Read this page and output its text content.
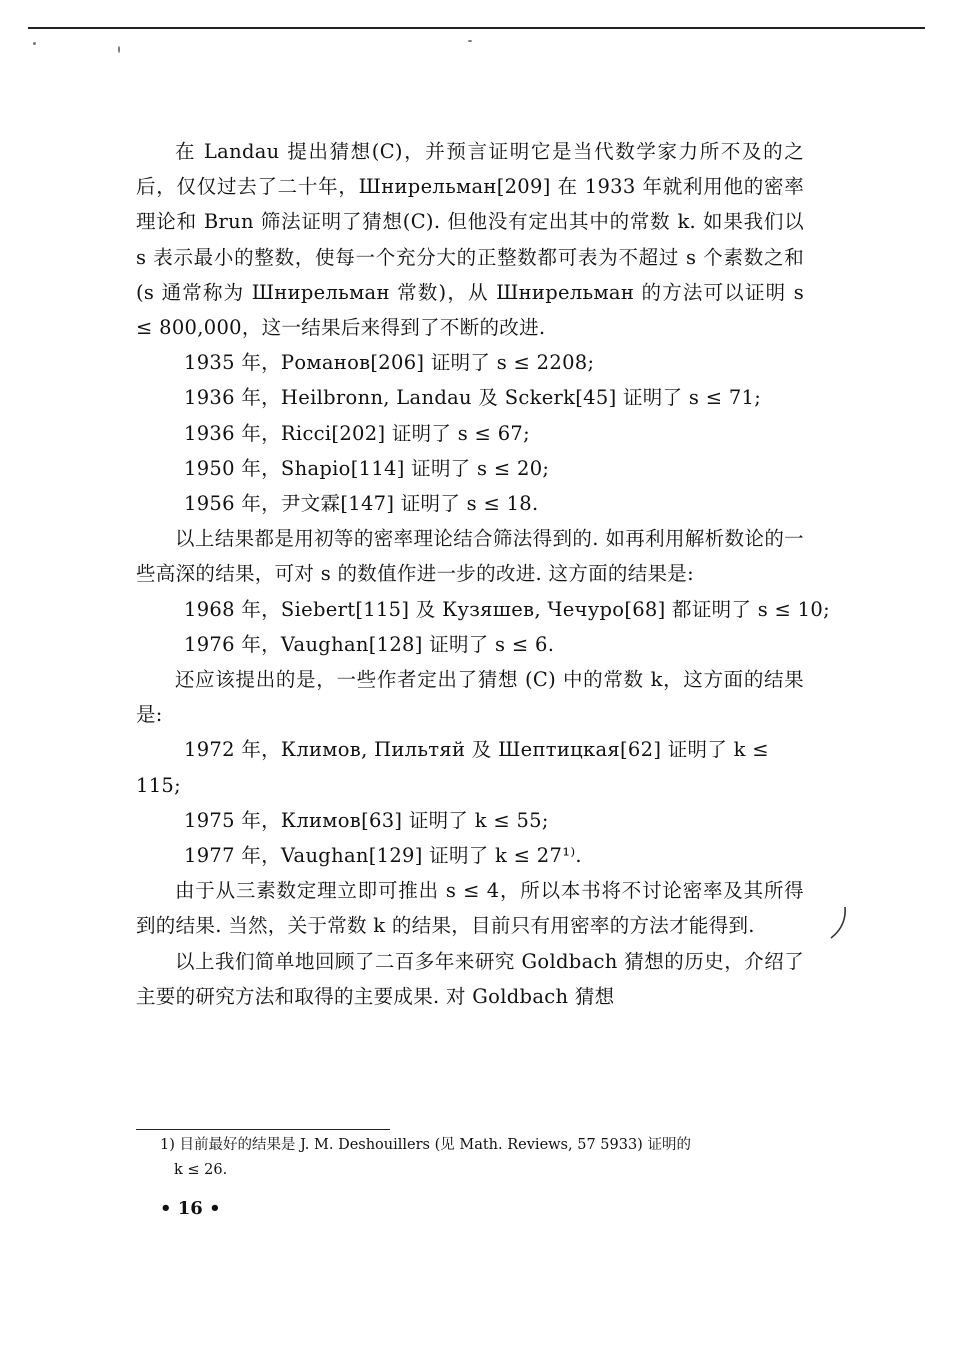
在 Landau 提出猜想(C)，并预言证明它是当代数学家力所不及的之后，仅仅过去了二十年，Шнирельман[209] 在 1933 年就利用他的密率理论和 Brun 筛法证明了猜想(C). 但他没有定出其中的常数 k. 如果我们以 s 表示最小的整数，使每一个充分大的正整数都可表为不超过 s 个素数之和 (s 通常称为 Шнирельман 常数)，从 Шнирельман 的方法可以证明 s ≤ 800,000，这一结果后来得到了不断的改进.

1935 年，Романов[206] 证明了 s ≤ 2208;

1936 年，Heilbronn, Landau 及 Sckerk[45] 证明了 s ≤ 71;

1936 年，Ricci[202] 证明了 s ≤ 67;

1950 年，Shapio[114] 证明了 s ≤ 20;

1956 年，尹文霖[147] 证明了 s ≤ 18.

以上结果都是用初等的密率理论结合筛法得到的. 如再利用解析数论的一些高深的结果，可对 s 的数值作进一步的改进. 这方面的结果是:

1968 年，Siebert[115] 及 Кузяшев, Чечуро[68] 都证明了 s ≤ 10;

1976 年，Vaughan[128] 证明了 s ≤ 6.

还应该提出的是，一些作者定出了猜想 (C) 中的常数 k，这方面的结果是:

1972 年，Климов, Пильтяй 及 Шептицкая[62] 证明了 k ≤ 115;

1975 年，Климов[63] 证明了 k ≤ 55;

1977 年，Vaughan[129] 证明了 k ≤ 27¹⁾.

由于从三素数定理立即可推出 s ≤ 4，所以本书将不讨论密率及其所得到的结果. 当然，关于常数 k 的结果，目前只有用密率的方法才能得到.

以上我们简单地回顾了二百多年来研究 Goldbach 猜想的历史，介绍了主要的研究方法和取得的主要成果. 对 Goldbach 猜想

1) 目前最好的结果是 J. M. Deshouillers (见 Math. Reviews, 57 5933) 证明的

k ≤ 26.

• 16 •
